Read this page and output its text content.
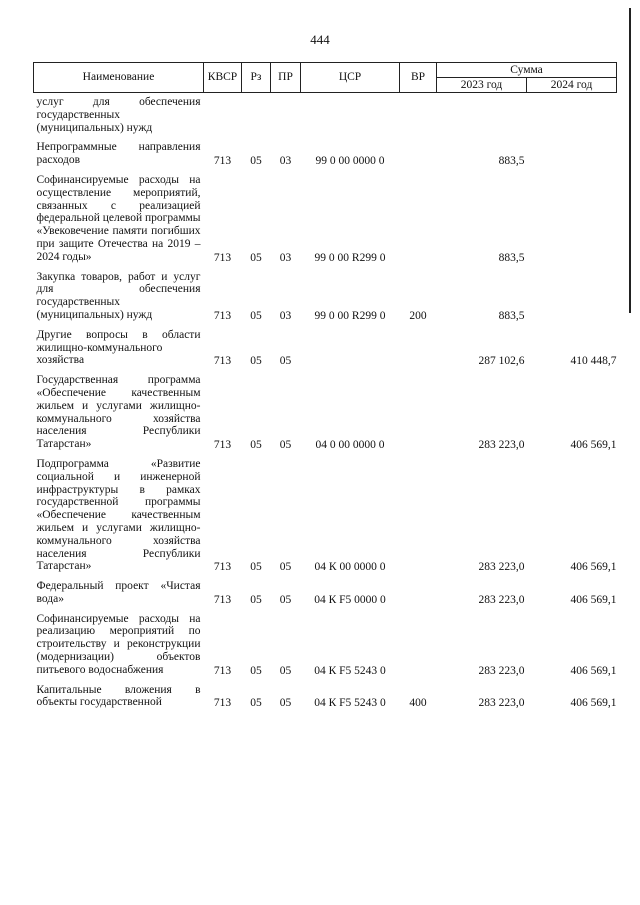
444
Наименование	КВСР	Рз	ПР	ЦСР	ВР	Сумма	
						2023 год	2024 год
услуг для обеспечения государственных (муниципальных) нужд							
Непрограммные направления расходов	713	05	03	99 0 00 0000 0		883,5	
Софинансируемые расходы на осуществление мероприятий, связанных с реализацией федеральной целевой программы «Увековечение памяти погибших при защите Отечества на 2019 – 2024 годы»	713	05	03	99 0 00 R299 0		883,5	
Закупка товаров, работ и услуг для обеспечения государственных (муниципальных) нужд	713	05	03	99 0 00 R299 0	200	883,5	
Другие вопросы в области жилищно-коммунального хозяйства	713	05	05			287 102,6	410 448,7
Государственная программа «Обеспечение качественным жильем и услугами жилищно-коммунального хозяйства населения Республики Татарстан»	713	05	05	04 0 00 0000 0		283 223,0	406 569,1
Подпрограмма «Развитие социальной и инженерной инфраструктуры в рамках государственной программы «Обеспечение качественным жильем и услугами жилищно-коммунального хозяйства населения Республики Татарстан»	713	05	05	04 К 00 0000 0		283 223,0	406 569,1
Федеральный проект «Чистая вода»	713	05	05	04 К F5 0000 0		283 223,0	406 569,1
Софинансируемые расходы на реализацию мероприятий по строительству и реконструкции (модернизации) объектов питьевого водоснабжения	713	05	05	04 К F5 5243 0		283 223,0	406 569,1
Капитальные вложения в объекты государственной	713	05	05	04 К F5 5243 0	400	283 223,0	406 569,1
